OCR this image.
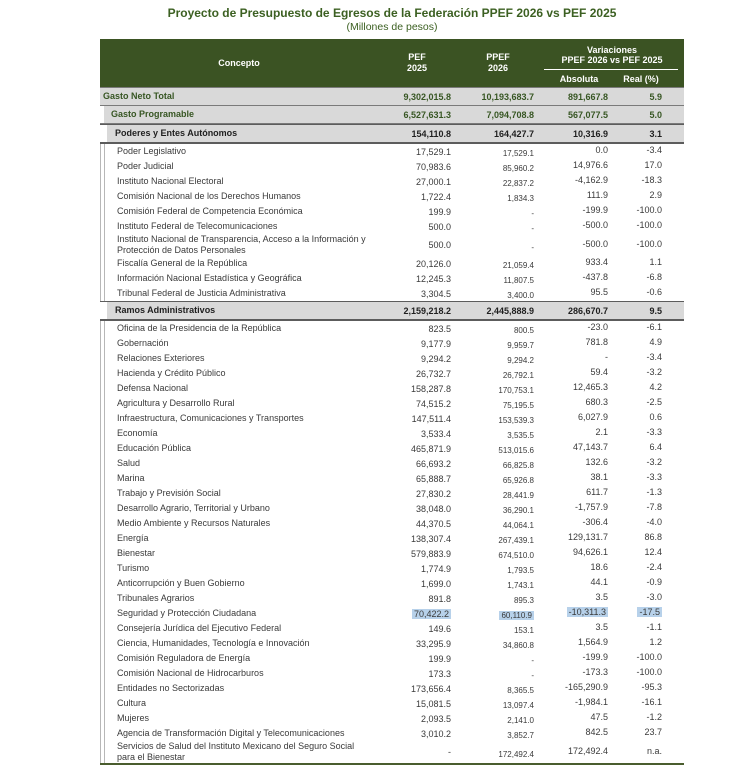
Proyecto de Presupuesto de Egresos de la Federación PPEF 2026 vs PEF 2025
(Millones de pesos)
Concepto
PEF
2025
PPEF
2026
Variaciones
PPEF 2026 vs PEF 2025
Absoluta	Real (%)
Gasto Neto Total	9,302,015.8	10,193,683.7	891,667.8	5.9
Gasto Programable	6,527,631.3	7,094,708.8	567,077.5	5.0
Poderes y Entes Autónomos	154,110.8	164,427.7	10,316.9	3.1
Poder Legislativo	17,529.1	17,529.1	0.0	-3.4
Poder Judicial	70,983.6	85,960.2	14,976.6	17.0
Instituto Nacional Electoral	27,000.1	22,837.2	-4,162.9	-18.3
Comisión Nacional de los Derechos Humanos	1,722.4	1,834.3	111.9	2.9
Comisión Federal de Competencia Económica	199.9	-	-199.9	-100.0
Instituto Federal de Telecomunicaciones	500.0	-	-500.0	-100.0
Instituto Nacional de Transparencia, Acceso a la Información y Protección de Datos Personales	500.0	-	-500.0	-100.0
Fiscalía General de la República	20,126.0	21,059.4	933.4	1.1
Información Nacional Estadística y Geográfica	12,245.3	11,807.5	-437.8	-6.8
Tribunal Federal de Justicia Administrativa	3,304.5	3,400.0	95.5	-0.6
Ramos Administrativos	2,159,218.2	2,445,888.9	286,670.7	9.5
Oficina de la Presidencia de la República	823.5	800.5	-23.0	-6.1
Gobernación	9,177.9	9,959.7	781.8	4.9
Relaciones Exteriores	9,294.2	9,294.2	-	-3.4
Hacienda y Crédito Público	26,732.7	26,792.1	59.4	-3.2
Defensa Nacional	158,287.8	170,753.1	12,465.3	4.2
Agricultura y Desarrollo Rural	74,515.2	75,195.5	680.3	-2.5
Infraestructura, Comunicaciones y Transportes	147,511.4	153,539.3	6,027.9	0.6
Economía	3,533.4	3,535.5	2.1	-3.3
Educación Pública	465,871.9	513,015.6	47,143.7	6.4
Salud	66,693.2	66,825.8	132.6	-3.2
Marina	65,888.7	65,926.8	38.1	-3.3
Trabajo y Previsión Social	27,830.2	28,441.9	611.7	-1.3
Desarrollo Agrario, Territorial y Urbano	38,048.0	36,290.1	-1,757.9	-7.8
Medio Ambiente y Recursos Naturales	44,370.5	44,064.1	-306.4	-4.0
Energía	138,307.4	267,439.1	129,131.7	86.8
Bienestar	579,883.9	674,510.0	94,626.1	12.4
Turismo	1,774.9	1,793.5	18.6	-2.4
Anticorrupción y Buen Gobierno	1,699.0	1,743.1	44.1	-0.9
Tribunales Agrarios	891.8	895.3	3.5	-3.0
Seguridad y Protección Ciudadana	70,422.2	60,110.9	-10,311.3	-17.5
Consejería Jurídica del Ejecutivo Federal	149.6	153.1	3.5	-1.1
Ciencia, Humanidades, Tecnología e Innovación	33,295.9	34,860.8	1,564.9	1.2
Comisión Reguladora de Energía	199.9	-	-199.9	-100.0
Comisión Nacional de Hidrocarburos	173.3	-	-173.3	-100.0
Entidades no Sectorizadas	173,656.4	8,365.5	-165,290.9	-95.3
Cultura	15,081.5	13,097.4	-1,984.1	-16.1
Mujeres	2,093.5	2,141.0	47.5	-1.2
Agencia de Transformación Digital y Telecomunicaciones	3,010.2	3,852.7	842.5	23.7
Servicios de Salud del Instituto Mexicano del Seguro Social para el Bienestar	-	172,492.4	172,492.4	n.a.
